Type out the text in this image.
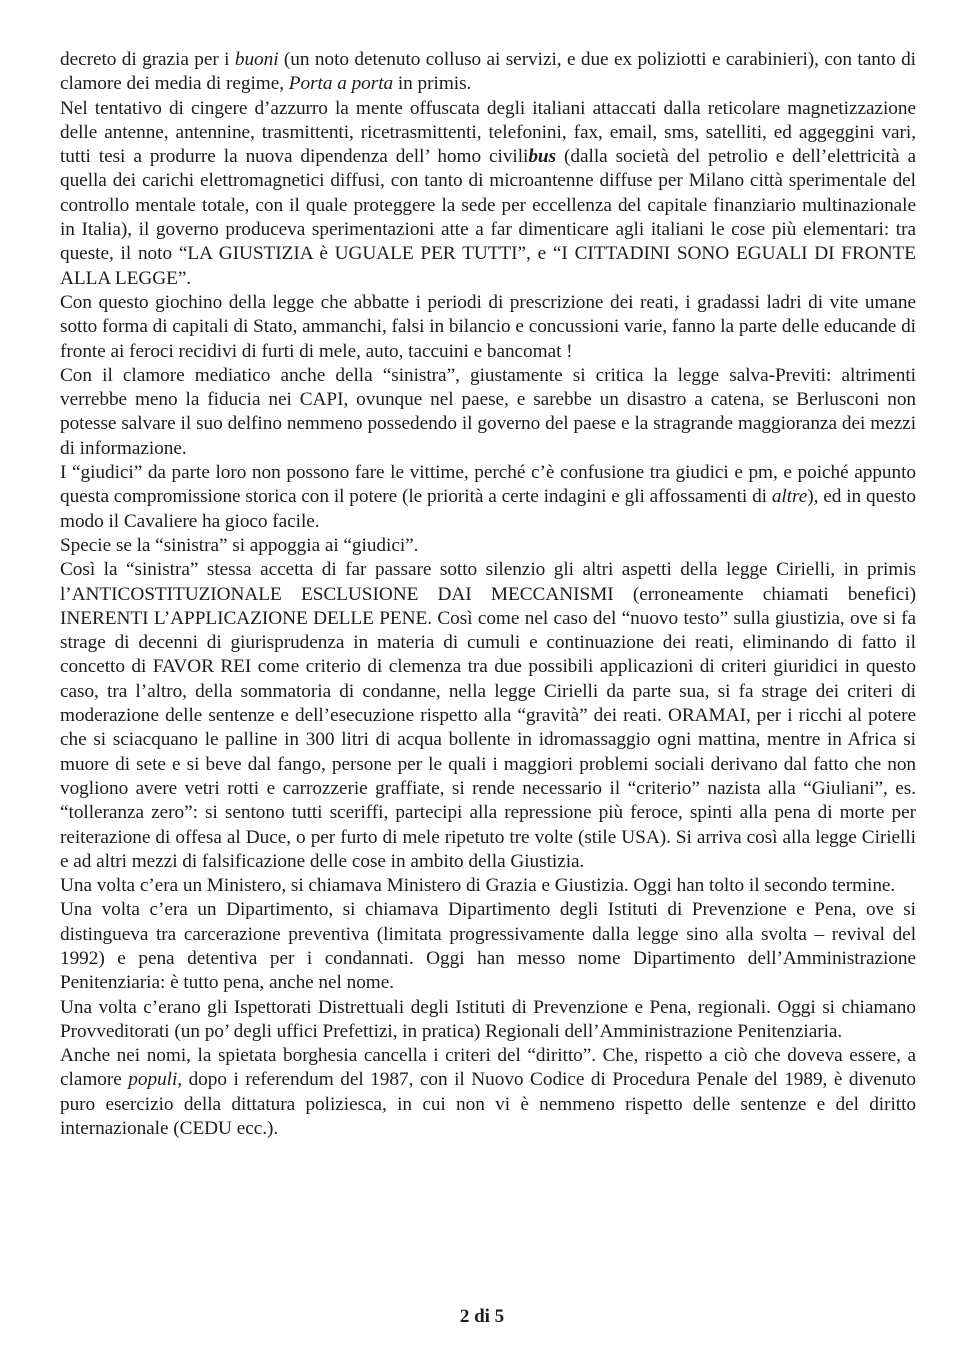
decreto di grazia per i buoni (un noto detenuto colluso ai servizi, e due ex poliziotti e carabinieri), con tanto di clamore dei media di regime, Porta a porta in primis.

Nel tentativo di cingere d’azzurro la mente offuscata degli italiani attaccati dalla reticolare magnetizzazione delle antenne, antennine, trasmittenti, ricetrasmittenti, telefonini, fax, email, sms, satelliti, ed aggeggini vari, tutti tesi a produrre la nuova dipendenza dell’ homo civilibus (dalla società del petrolio e dell’elettricità a quella dei carichi elettromagnetici diffusi, con tanto di microantenne diffuse per Milano città sperimentale del controllo mentale totale, con il quale proteggere la sede per eccellenza del capitale finanziario multinazionale in Italia), il governo produceva sperimentazioni atte a far dimenticare agli italiani le cose più elementari: tra queste, il noto “LA GIUSTIZIA è UGUALE PER TUTTI”, e “I CITTADINI SONO EGUALI DI FRONTE ALLA LEGGE”.

Con questo giochino della legge che abbatte i periodi di prescrizione dei reati, i gradassi ladri di vite umane sotto forma di capitali di Stato, ammanchi, falsi in bilancio e concussioni varie, fanno la parte delle educande di fronte ai feroci recidivi di furti di mele, auto, taccuini e bancomat !

Con il clamore mediatico anche della “sinistra”, giustamente si critica la legge salva-Previti: altrimenti verrebbe meno la fiducia nei CAPI, ovunque nel paese, e sarebbe un disastro a catena, se Berlusconi non potesse salvare il suo delfino nemmeno possedendo il governo del paese e la stragrande maggioranza dei mezzi di informazione.

I “giudici” da parte loro non possono fare le vittime, perché c’è confusione tra giudici e pm, e poiché appunto questa compromissione storica con il potere (le priorità a certe indagini e gli affossamenti di altre), ed in questo modo il Cavaliere ha gioco facile.

Specie se la “sinistra” si appoggia ai “giudici”.

Così la “sinistra” stessa accetta di far passare sotto silenzio gli altri aspetti della legge Cirielli, in primis l’ANTICOSTITUZIONALE ESCLUSIONE DAI MECCANISMI (erroneamente chiamati benefici) INERENTI L’APPLICAZIONE DELLE PENE. Così come nel caso del “nuovo testo” sulla giustizia, ove si fa strage di decenni di giurisprudenza in materia di cumuli e continuazione dei reati, eliminando di fatto il concetto di FAVOR REI come criterio di clemenza tra due possibili applicazioni di criteri giuridici in questo caso, tra l’altro, della sommatoria di condanne, nella legge Cirielli da parte sua, si fa strage dei criteri di moderazione delle sentenze e dell’esecuzione rispetto alla “gravità” dei reati. ORAMAI, per i ricchi al potere che si sciacquano le palline in 300 litri di acqua bollente in idromassaggio ogni mattina, mentre in Africa si muore di sete e si beve dal fango, persone per le quali i maggiori problemi sociali derivano dal fatto che non vogliono avere vetri rotti e carrozzerie graffiate, si rende necessario il “criterio” nazista alla “Giuliani”, es. “tolleranza zero”: si sentono tutti sceriffi, partecipi alla repressione più feroce, spinti alla pena di morte per reiterazione di offesa al Duce, o per furto di mele ripetuto tre volte (stile USA). Si arriva così alla legge Cirielli e ad altri mezzi di falsificazione delle cose in ambito della Giustizia.

Una volta c’era un Ministero, si chiamava Ministero di Grazia e Giustizia. Oggi han tolto il secondo termine.

Una volta c’era un Dipartimento, si chiamava Dipartimento degli Istituti di Prevenzione e Pena, ove si distingueva tra carcerazione preventiva (limitata progressivamente dalla legge sino alla svolta – revival del 1992) e pena detentiva per i condannati. Oggi han messo nome Dipartimento dell’Amministrazione Penitenziaria: è tutto pena, anche nel nome.

Una volta c’erano gli Ispettorati Distrettuali degli Istituti di Prevenzione e Pena, regionali. Oggi si chiamano Provveditorati (un po’ degli uffici Prefettizi, in pratica) Regionali dell’Amministrazione Penitenziaria.

Anche nei nomi, la spietata borghesia cancella i criteri del “diritto”. Che, rispetto a ciò che doveva essere, a clamore populi, dopo i referendum del 1987, con il Nuovo Codice di Procedura Penale del 1989, è divenuto puro esercizio della dittatura poliziesca, in cui non vi è nemmeno rispetto delle sentenze e del diritto internazionale (CEDU ecc.).

2 di 5
